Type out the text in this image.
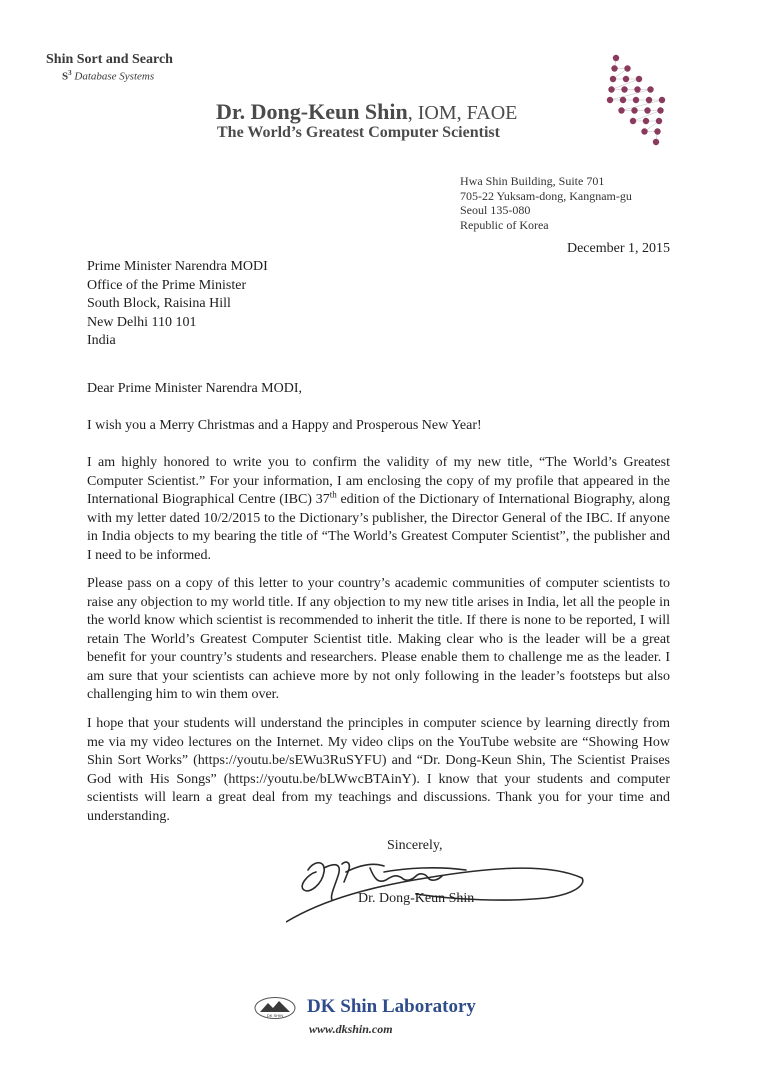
Shin Sort and Search
$S^3$ Database Systems
Dr. Dong-Keun Shin, IOM, FAOE
The World’s Greatest Computer Scientist
Hwa Shin Building, Suite 701
705-22 Yuksam-dong, Kangnam-gu
Seoul 135-080
Republic of Korea
December 1, 2015
Prime Minister Narendra MODI
Office of the Prime Minister
South Block, Raisina Hill
New Delhi 110 101
India

Dear Prime Minister Narendra MODI,

I wish you a Merry Christmas and a Happy and Prosperous New Year!

I am highly honored to write you to confirm the validity of my new title, “The World’s Greatest Computer Scientist.” For your information, I am enclosing the copy of my profile that appeared in the International Biographical Centre (IBC) 37th edition of the Dictionary of International Biography, along with my letter dated 10/2/2015 to the Dictionary’s publisher, the Director General of the IBC. If anyone in India objects to my bearing the title of “The World’s Greatest Computer Scientist”, the publisher and I need to be informed.

Please pass on a copy of this letter to your country’s academic communities of computer scientists to raise any objection to my world title. If any objection to my new title arises in India, let all the people in the world know which scientist is recommended to inherit the title. If there is none to be reported, I will retain The World’s Greatest Computer Scientist title. Making clear who is the leader will be a great benefit for your country’s students and researchers. Please enable them to challenge me as the leader. I am sure that your scientists can achieve more by not only following in the leader’s footsteps but also challenging him to win them over.

I hope that your students will understand the principles in computer science by learning directly from me via my video lectures on the Internet. My video clips on the YouTube website are “Showing How Shin Sort Works” (https://youtu.be/sEWu3RuSYFU) and “Dr. Dong-Keun Shin, The Scientist Praises God with His Songs” (https://youtu.be/bLWwcBTAinY). I know that your students and computer scientists will learn a great deal from my teachings and discussions. Thank you for your time and understanding.

Sincerely,
Dr. Dong-Keun Shin
DK SHIN DK Shin Laboratory
www.dkshin.com
